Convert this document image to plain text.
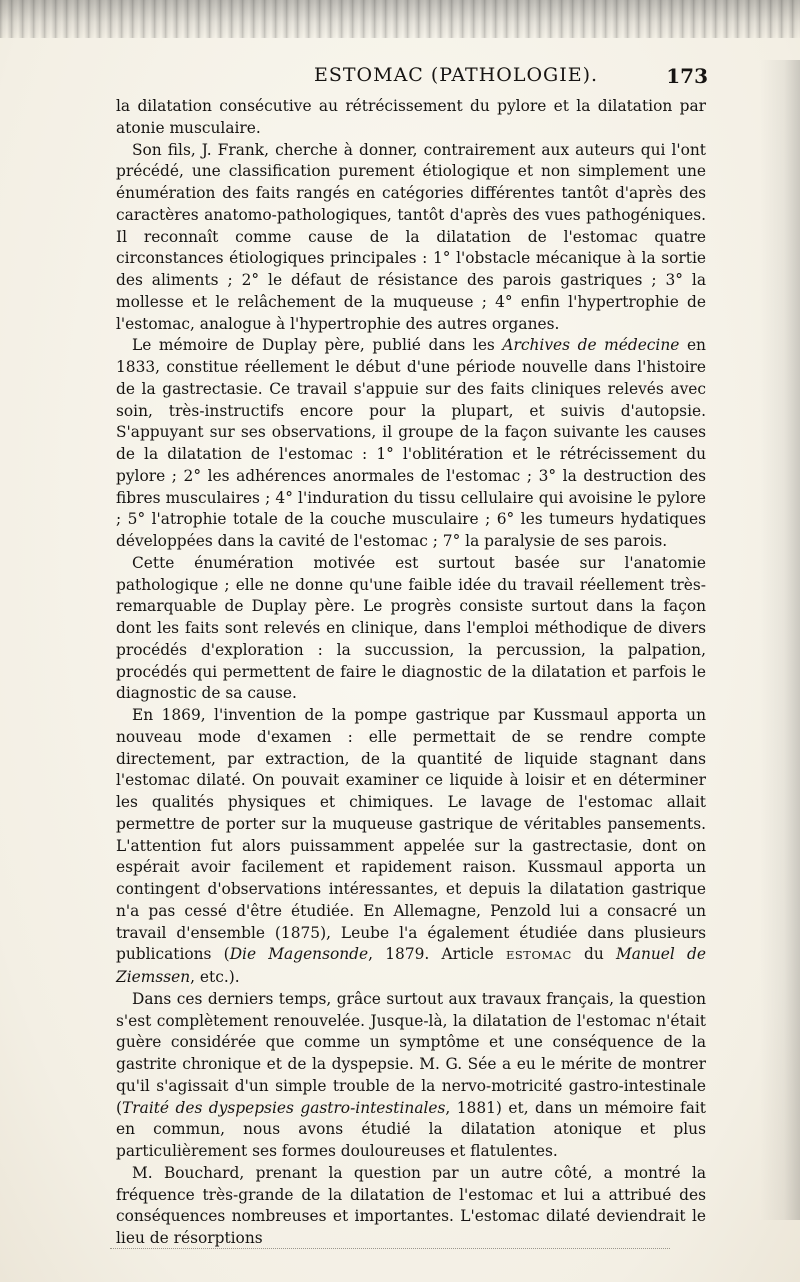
ESTOMAC (PATHOLOGIE).	173

la dilatation consécutive au rétrécissement du pylore et la dilatation par atonie musculaire.

Son fils, J. Frank, cherche à donner, contrairement aux auteurs qui l'ont précédé, une classification purement étiologique et non simplement une énumération des faits rangés en catégories différentes tantôt d'après des caractères anatomo-pathologiques, tantôt d'après des vues pathogéniques. Il reconnaît comme cause de la dilatation de l'estomac quatre circonstances étiologiques principales : 1° l'obstacle mécanique à la sortie des aliments ; 2° le défaut de résistance des parois gastriques ; 3° la mollesse et le relâchement de la muqueuse ; 4° enfin l'hypertrophie de l'estomac, analogue à l'hypertrophie des autres organes.

Le mémoire de Duplay père, publié dans les Archives de médecine en 1833, constitue réellement le début d'une période nouvelle dans l'histoire de la gastrectasie. Ce travail s'appuie sur des faits cliniques relevés avec soin, très-instructifs encore pour la plupart, et suivis d'autopsie. S'appuyant sur ses observations, il groupe de la façon suivante les causes de la dilatation de l'estomac : 1° l'oblitération et le rétrécissement du pylore ; 2° les adhérences anormales de l'estomac ; 3° la destruction des fibres musculaires ; 4° l'induration du tissu cellulaire qui avoisine le pylore ; 5° l'atrophie totale de la couche musculaire ; 6° les tumeurs hydatiques développées dans la cavité de l'estomac ; 7° la paralysie de ses parois.

Cette énumération motivée est surtout basée sur l'anatomie pathologique ; elle ne donne qu'une faible idée du travail réellement très-remarquable de Duplay père. Le progrès consiste surtout dans la façon dont les faits sont relevés en clinique, dans l'emploi méthodique de divers procédés d'exploration : la succussion, la percussion, la palpation, procédés qui permettent de faire le diagnostic de la dilatation et parfois le diagnostic de sa cause.

En 1869, l'invention de la pompe gastrique par Kussmaul apporta un nouveau mode d'examen : elle permettait de se rendre compte directement, par extraction, de la quantité de liquide stagnant dans l'estomac dilaté. On pouvait examiner ce liquide à loisir et en déterminer les qualités physiques et chimiques. Le lavage de l'estomac allait permettre de porter sur la muqueuse gastrique de véritables pansements. L'attention fut alors puissamment appelée sur la gastrectasie, dont on espérait avoir facilement et rapidement raison. Kussmaul apporta un contingent d'observations intéressantes, et depuis la dilatation gastrique n'a pas cessé d'être étudiée. En Allemagne, Penzold lui a consacré un travail d'ensemble (1875), Leube l'a également étudiée dans plusieurs publications (Die Magensonde, 1879. Article ESTOMAC du Manuel de Ziemssen, etc.).

Dans ces derniers temps, grâce surtout aux travaux français, la question s'est complètement renouvelée. Jusque-là, la dilatation de l'estomac n'était guère considérée que comme un symptôme et une conséquence de la gastrite chronique et de la dyspepsie. M. G. Sée a eu le mérite de montrer qu'il s'agissait d'un simple trouble de la nervo-motricité gastro-intestinale (Traité des dyspepsies gastro-intestinales, 1881) et, dans un mémoire fait en commun, nous avons étudié la dilatation atonique et plus particulièrement ses formes douloureuses et flatulentes.

M. Bouchard, prenant la question par un autre côté, a montré la fréquence très-grande de la dilatation de l'estomac et lui a attribué des conséquences nombreuses et importantes. L'estomac dilaté deviendrait le lieu de résorptions
